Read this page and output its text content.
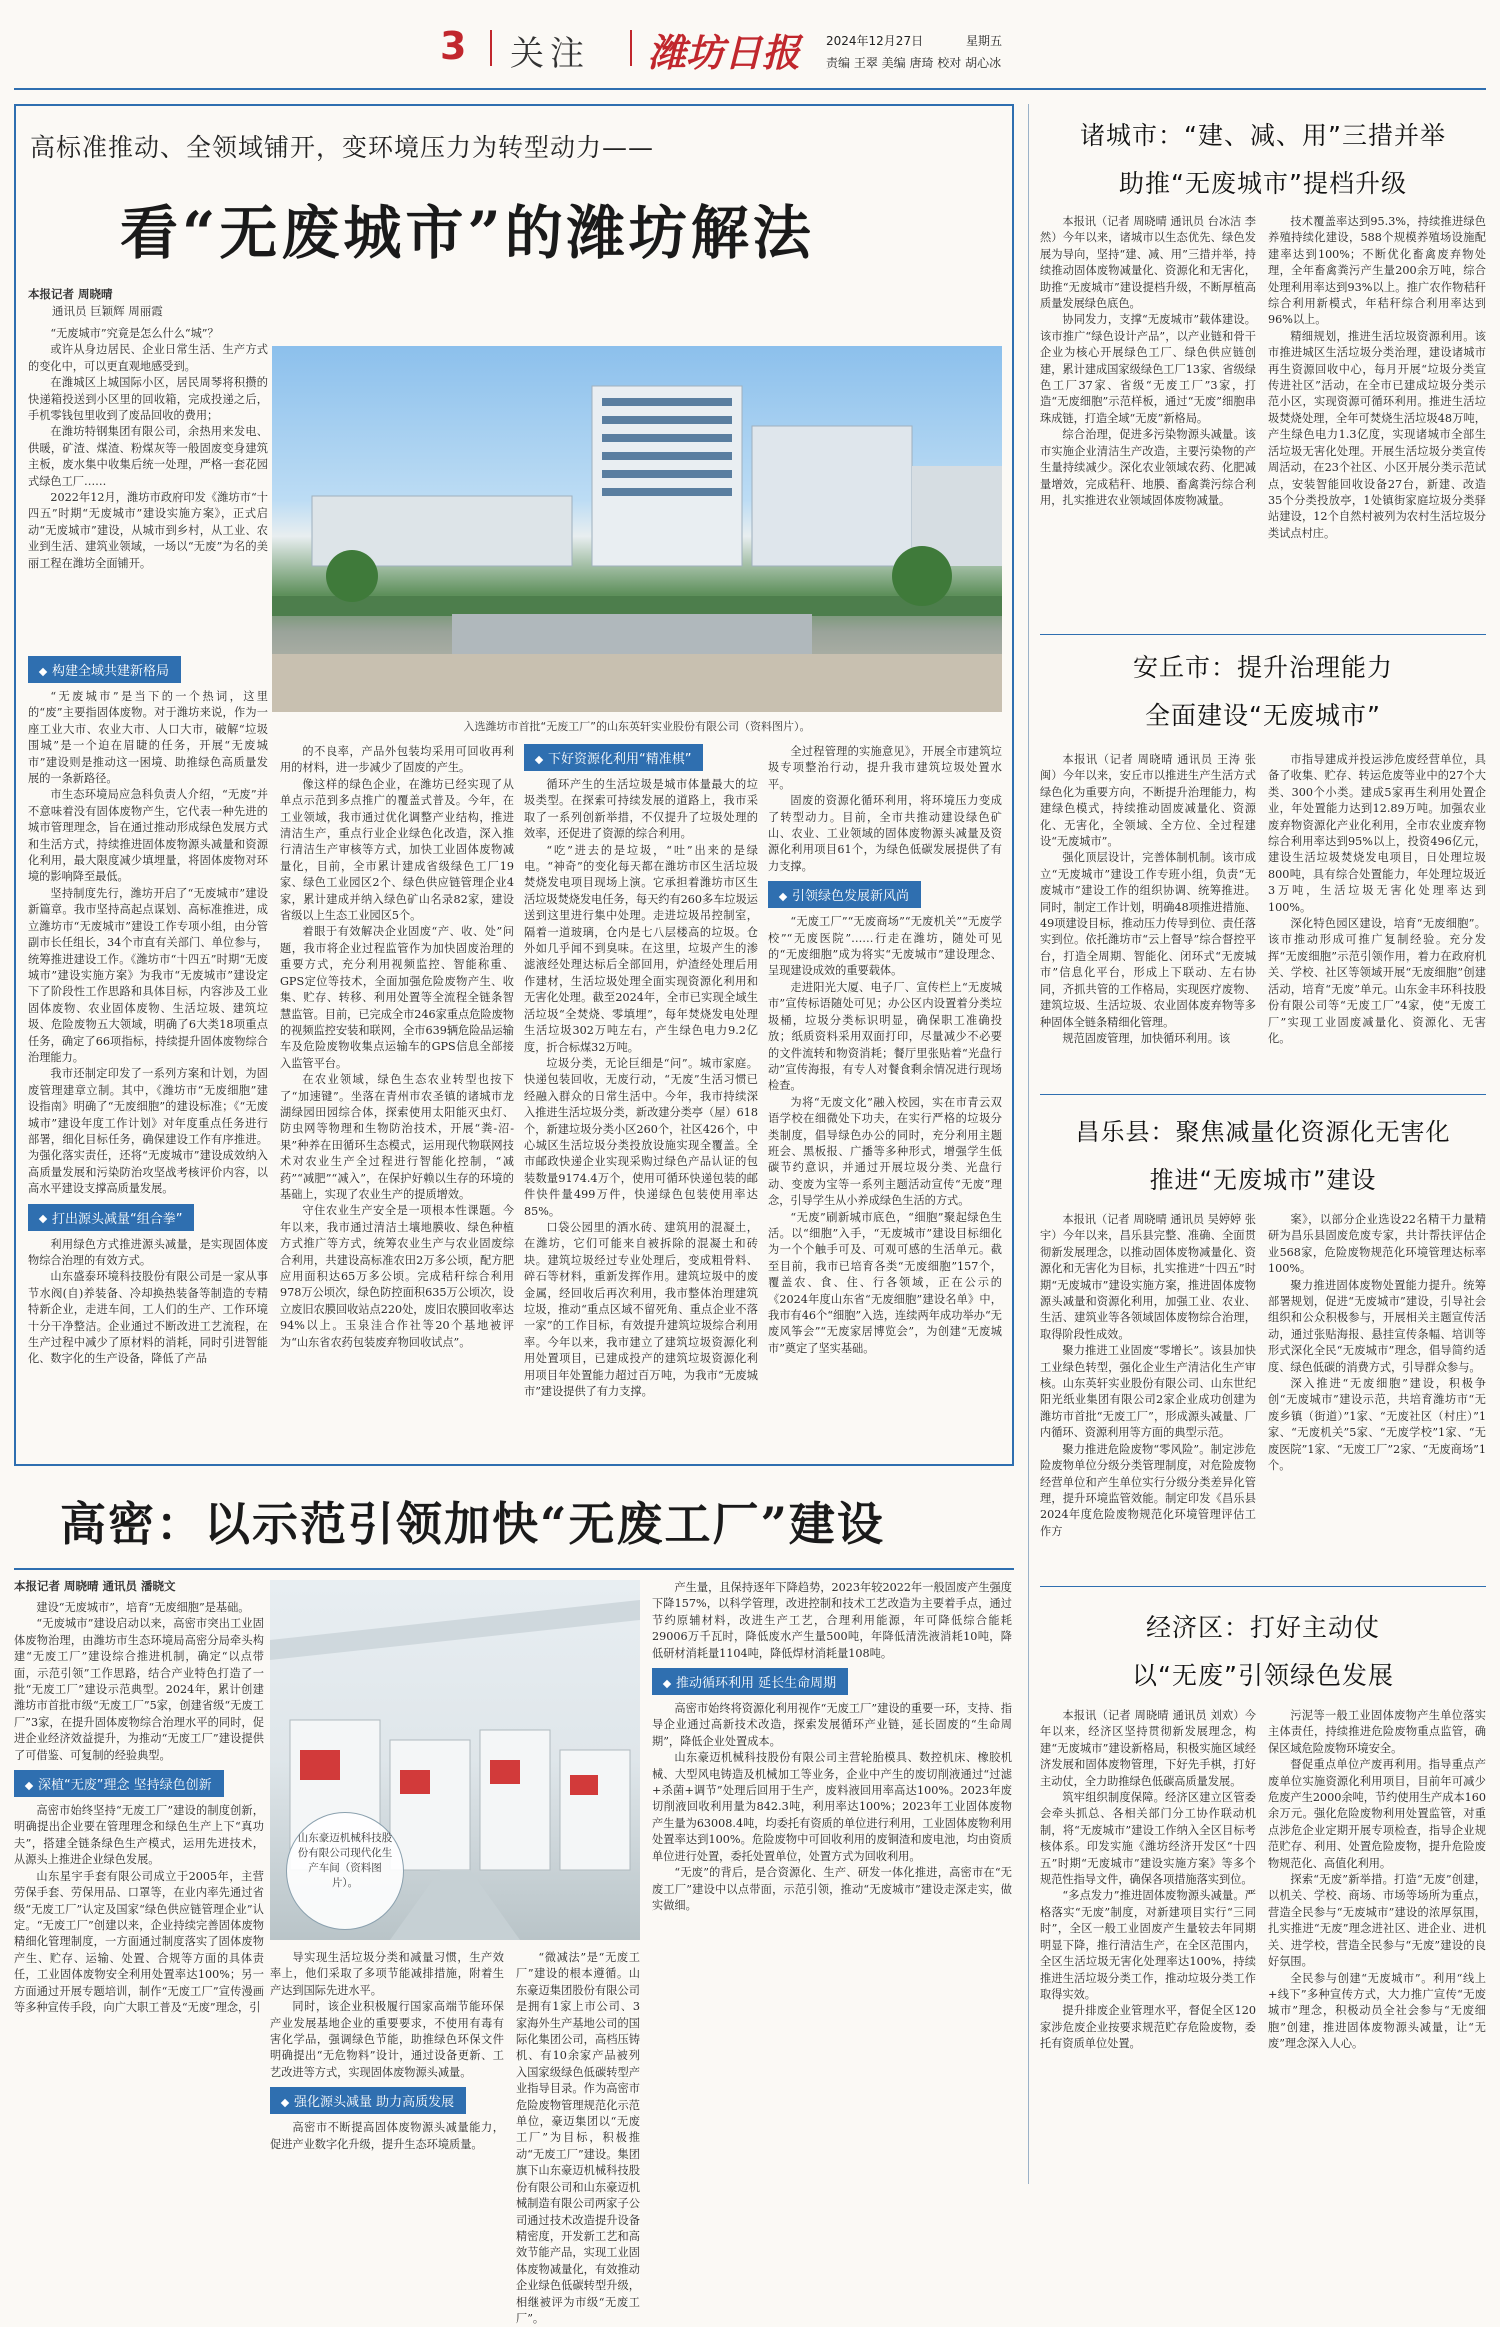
3 关注 潍坊日报 2024年12月27日	星期五
责编 王翠 美编 唐琦 校对 胡心冰
高标准推动、全领域铺开，变环境压力为转型动力——
看“无废城市”的潍坊解法
本报记者 周晓晴
通讯员 巨颖辉 周丽霞

“无废城市”究竟是怎么什么“城”？

或许从身边居民、企业日常生活、生产方式的变化中，可以更直观地感受到。

在潍城区上城国际小区，居民周琴将积攒的快递箱投送到小区里的回收箱，完成投递之后，手机零钱包里收到了废品回收的费用；

在潍坊特钢集团有限公司，余热用来发电、供暖，矿渣、煤渣、粉煤灰等一般固废变身建筑主板，废水集中收集后统一处理，严格一套花园式绿色工厂……

2022年12月，潍坊市政府印发《潍坊市“十四五”时期“无废城市”建设实施方案》，正式启动“无废城市”建设，从城市到乡村，从工业、农业到生活、建筑业领域，一场以“无废”为名的美丽工程在潍坊全面铺开。

入选潍坊市首批“无废工厂”的山东英轩实业股份有限公司（资料图片）。
构建全域共建新格局

“无废城市”是当下的一个热词，这里的“废”主要指固体废物。对于潍坊来说，作为一座工业大市、农业大市、人口大市，破解“垃圾围城”是一个迫在眉睫的任务，开展“无废城市”建设则是推动这一困境、助推绿色高质量发展的一条新路径。

市生态环境局应急科负责人介绍，“无废”并不意味着没有固体废物产生，它代表一种先进的城市管理理念，旨在通过推动形成绿色发展方式和生活方式，持续推进固体废物源头减量和资源化利用，最大限度减少填埋量，将固体废物对环境的影响降至最低。

坚持制度先行，潍坊开启了“无废城市”建设新篇章。我市坚持高起点谋划、高标准推进，成立潍坊市“无废城市”建设工作专项小组，由分管副市长任组长，34个市直有关部门、单位参与，统筹推进建设工作。《潍坊市“十四五”时期“无废城市”建设实施方案》为我市“无废城市”建设定下了阶段性工作思路和具体目标，内容涉及工业固体废物、农业固体废物、生活垃圾、建筑垃圾、危险废物五大领域，明确了6大类18项重点任务，确定了66项指标，持续提升固体废物综合治理能力。

我市还制定印发了一系列方案和计划，为固废管理建章立制。其中，《潍坊市“无废细胞”建设指南》明确了“无废细胞”的建设标准；《“无废城市”建设年度工作计划》对年度重点任务进行部署，细化目标任务，确保建设工作有序推进。为强化落实责任，还将“无废城市”建设成效纳入高质量发展和污染防治攻坚战考核评价内容，以高水平建设支撑高质量发展。

打出源头减量“组合拳”

利用绿色方式推进源头减量，是实现固体废物综合治理的有效方式。

山东盛泰环境科技股份有限公司是一家从事节水阀(自)养装备、冷却换热装备等制造的专精特新企业，走进车间，工人们的生产、工作环境十分干净整洁。企业通过不断改进工艺流程，在生产过程中减少了原材料的消耗，同时引进智能化、数字化的生产设备，降低了产品

的不良率，产品外包装均采用可回收再利用的材料，进一步减少了固废的产生。

像这样的绿色企业，在潍坊已经实现了从单点示范到多点推广的覆盖式普及。今年，在工业领域，我市通过优化调整产业结构，推进清洁生产，重点行业企业绿色化改造，深入推行清洁生产审核等方式，加快工业固体废物减量化，目前，全市累计建成省级绿色工厂19家、绿色工业园区2个、绿色供应链管理企业4家，累计建成并纳入绿色矿山名录82家，建设省级以上生态工业园区5个。

着眼于有效解决企业固废“产、收、处”问题，我市将企业过程监管作为加快固废治理的重要方式，充分利用视频监控、智能称重、GPS定位等技术，全面加强危险废物产生、收集、贮存、转移、利用处置等全流程全链条智慧监管。目前，已完成全市246家重点危险废物的视频监控安装和联网，全市639辆危险品运输车及危险废物收集点运输车的GPS信息全部接入监管平台。

在农业领域，绿色生态农业转型也按下了“加速键”。坐落在青州市农圣镇的诸城市龙湖绿园田园综合体，探索使用太阳能灭虫灯、防虫网等物理和生物防治技术，开展“粪-沼-果”种养在田循环生态模式，运用现代物联网技术对农业生产全过程进行智能化控制，“减药”“减肥”“减入”，在保护好赖以生存的环境的基础上，实现了农业生产的提质增效。

守住农业生产安全是一项根本性课题。今年以来，我市通过清洁土壤地膜收、绿色种植方式推广等方式，统筹农业生产与农业固废综合利用，共建设高标准农田2万多公顷，配方肥应用面积达65万多公顷。完成秸秆综合利用978万公顷次，绿色防控面积635万公顷次，设立废旧农膜回收站点220处，废旧农膜回收率达94%以上。玉泉洼合作社等20个基地被评为“山东省农药包装废弃物回收试点”。

下好资源化利用“精准棋”

循环产生的生活垃圾是城市体量最大的垃圾类型。在探索可持续发展的道路上，我市采取了一系列创新举措，不仅提升了垃圾处理的效率，还促进了资源的综合利用。

“吃”进去的是垃圾，“吐”出来的是绿电。“神奇”的变化每天都在潍坊市区生活垃圾焚烧发电项目现场上演。它承担着潍坊市区生活垃圾焚烧发电任务，每天约有260多车垃圾运送到这里进行集中处理。走进垃圾吊控制室，隔着一道玻璃，仓内是七八层楼高的垃圾。仓外如几乎闻不到臭味。在这里，垃圾产生的渗滤液经处理达标后全部回用，炉渣经处理后用作建材，生活垃圾处理全面实现资源化利用和无害化处理。截至2024年，全市已实现全域生活垃圾“全焚烧、零填埋”，每年焚烧发电处理生活垃圾302万吨左右，产生绿色电力9.2亿度，折合标煤32万吨。

垃圾分类，无论巨细是“问”。城市家庭。快递包装回收，无废行动，“无废”生活习惯已经融入群众的日常生活中。今年，我市持续深入推进生活垃圾分类，新改建分类亭（屋）618个，新建垃圾分类小区260个，社区426个，中心城区生活垃圾分类投放设施实现全覆盖。全市邮政快递企业实现采购过绿色产品认证的包装数量9174.4万个，使用可循环快递包装的邮件快件量499万件，快递绿色包装使用率达85%。

口袋公园里的酒水砖、建筑用的混凝土，在潍坊，它们可能来自被拆除的混凝土和砖块。建筑垃圾经过专业处理后，变成粗骨料、碎石等材料，重新发挥作用。建筑垃圾中的废金属，经回收后再次利用，我市整体治理建筑垃圾，推动“重点区域不留死角、重点企业不落一家”的工作目标，有效提升建筑垃圾综合利用率。今年以来，我市建立了建筑垃圾资源化利用处置项目，已建成投产的建筑垃圾资源化利用项目年处置能力超过百万吨，为我市“无废城市”建设提供了有力支撑。

全过程管理的实施意见》，开展全市建筑垃圾专项整治行动，提升我市建筑垃圾处置水平。

固废的资源化循环利用，将环境压力变成了转型动力。目前，全市共推动建设绿色矿山、农业、工业领域的固体废物源头减量及资源化利用项目61个，为绿色低碳发展提供了有力支撑。

引领绿色发展新风尚

“无废工厂”“无废商场”“无废机关”“无废学校”“无废医院”……行走在潍坊，随处可见的“无废细胞”成为将实“无废城市”建设理念、呈现建设成效的重要载体。

走进阳光大厦、电子厂、宣传栏上“无废城市”宣传标语随处可见；办公区内设置着分类垃圾桶，垃圾分类标识明显，确保职工准确投放；纸质资料采用双面打印，尽量减少不必要的文件流转和物资消耗；餐厅里张贴着“光盘行动”宣传海报，有专人对餐食剩余情况进行现场检查。

为将“无废文化”融入校园，实在市青云双语学校在细微处下功夫，在实行严格的垃圾分类制度，倡导绿色办公的同时，充分利用主题班会、黑板报、广播等多种形式，增强学生低碳节约意识，并通过开展垃圾分类、光盘行动、变废为宝等一系列主题活动宣传“无废”理念，引导学生从小养成绿色生活的方式。

“无废”刷新城市底色，“细胞”聚起绿色生活。以“细胞”入手，“无废城市”建设目标细化为一个个触手可及、可观可感的生活单元。截至目前，我市已培育各类“无废细胞”157个，覆盖农、食、住、行各领域，正在公示的《2024年度山东省“无废细胞”建设名单》中，我市有46个“细胞”入选，连续两年成功举办“无废风筝会”“无废家居博览会”，为创建“无废城市”奠定了坚实基础。

高密：以示范引领加快“无废工厂”建设
本报记者 周晓晴 通讯员 潘晓文

建设“无废城市”，培育“无废细胞”是基础。

“无废城市”建设启动以来，高密市突出工业固体废物治理，由潍坊市生态环境局高密分局牵头构建“无废工厂”建设综合推进机制，确定“以点带面，示范引领”工作思路，结合产业特色打造了一批“无废工厂”建设示范典型。2024年，累计创建潍坊市首批市级“无废工厂”5家，创建省级“无废工厂”3家，在提升固体废物综合治理水平的同时，促进企业经济效益提升，为推动“无废工厂”建设提供了可借鉴、可复制的经验典型。

深植“无废”理念 坚持绿色创新

高密市始终坚持“无废工厂”建设的制度创新，明确提出企业要在管理理念和绿色生产上下“真功夫”，搭建全链条绿色生产模式，运用先进技术，从源头上推进企业绿色发展。

山东星宇手套有限公司成立于2005年，主营劳保手套、劳保用品、口罩等，在业内率先通过省级“无废工厂”认定及国家“绿色供应链管理企业”认定。“无废工厂”创建以来，企业持续完善固体废物精细化管理制度，一方面通过制度落实了固体废物产生、贮存、运输、处置、合规等方面的具体责任，工业固体废物安全利用处置率达100%；另一方面通过开展专题培训，制作“无废工厂”宣传漫画等多种宣传手段，向广大职工普及“无废”理念，引

山东豪迈机械科技股份有限公司现代化生产车间（资料图片）。

导实现生活垃圾分类和减量习惯，生产效率上，他们采取了多项节能减排措施，附着生产达到国际先进水平。

同时，该企业积极履行国家高端节能环保产业发展基地企业的重要要求，不使用有毒有害化学品，强调绿色节能，助推绿色环保文件明确提出“无危物料”设计，通过设备更新、工艺改进等方式，实现固体废物源头减量。

强化源头减量 助力高质发展

高密市不断提高固体废物源头减量能力，促进产业数字化升级，提升生态环境质量。

“微减法”是“无废工厂”建设的根本遵循。山东豪迈集团股份有限公司是拥有1家上市公司、3家海外生产基地公司的国际化集团公司，高档压铸机、有10余家产品被列入国家级绿色低碳转型产业指导目录。作为高密市危险废物管理规范化示范单位，豪迈集团以“无废工厂”为目标，积极推动“无废工厂”建设。集团旗下山东豪迈机械科技股份有限公司和山东豪迈机械制造有限公司两家子公司通过技术改造提升设备精密度，开发新工艺和高效节能产品，实现工业固体废物减量化，有效推动企业绿色低碳转型升级，相继被评为市级“无废工厂”。

产生量，且保持逐年下降趋势，2023年较2022年一般固废产生强度下降157%，以科学管理，改进控制和技术工艺改造为主要着手点，通过节约原辅材料，改进生产工艺，合理利用能源，年可降低综合能耗29006万千瓦时，降低废水产生量500吨，年降低清洗液消耗10吨，降低研材消耗量1104吨，降低焊材消耗量108吨。

推动循环利用 延长生命周期

高密市始终将资源化利用视作“无废工厂”建设的重要一环，支持、指导企业通过高新技术改造，探索发展循环产业链，延长固废的“生命周期”，降低企业处置成本。

山东豪迈机械科技股份有限公司主营轮胎模具、数控机床、橡胶机械、大型风电铸造及机械加工等业务，企业中产生的废切削液通过“过滤+杀菌+调节”处理后回用于生产，废料液回用率高达100%。2023年废切削液回收利用量为842.3吨，利用率达100%；2023年工业固体废物产生量为63008.4吨，均委托有资质的单位进行利用，工业固体废物利用处置率达到100%。危险废物中可回收利用的废铜渣和废电池，均由资质单位进行处置，委托处置单位，处置方式为回收利用。

“无废”的背后，是合资源化、生产、研发一体化推进，高密市在“无废工厂”建设中以点带面，示范引领，推动“无废城市”建设走深走实，做实做细。

诸城市：“建、减、用”三措并举
助推“无废城市”提档升级

本报讯（记者 周晓晴 通讯员 台冰洁 李然）今年以来，诸城市以生态优先、绿色发展为导向，坚持“建、减、用”三措并举，持续推动固体废物减量化、资源化和无害化，助推“无废城市”建设提档升级，不断厚植高质量发展绿色底色。

协同发力，支撑“无废城市”载体建设。该市推广“绿色设计产品”，以产业链和骨干企业为核心开展绿色工厂、绿色供应链创建，累计建成国家级绿色工厂13家、省级绿色工厂37家、省级“无废工厂”3家，打造“无废细胞”示范样板，通过“无废”细胞串珠成链，打造全域“无废”新格局。

综合治理，促进多污染物源头减量。该市实施企业清洁生产改造，主要污染物的产生量持续减少。深化农业领域农药、化肥减量增效，完成秸秆、地膜、畜禽粪污综合利用，扎实推进农业领域固体废物减量。

技术覆盖率达到95.3%，持续推进绿色养殖持续化建设，588个规模养殖场设施配建率达到100%；不断优化畜禽废弃物处理，全年畜禽粪污产生量200余万吨，综合处理利用率达到93%以上。推广农作物秸秆综合利用新模式，年秸秆综合利用率达到96%以上。

精细规划，推进生活垃圾资源利用。该市推进城区生活垃圾分类治理，建设诸城市再生资源回收中心，每月开展“垃圾分类宣传进社区”活动，在全市已建成垃圾分类示范小区，实现资源可循环利用。推进生活垃圾焚烧处理，全年可焚烧生活垃圾48万吨，产生绿色电力1.3亿度，实现诸城市全部生活垃圾无害化处理。开展生活垃圾分类宣传周活动，在23个社区、小区开展分类示范试点，安装智能回收设备27台，新建、改造35个分类投放亭，1处镇街家庭垃圾分类驿站建设，12个自然村被列为农村生活垃圾分类试点村庄。

安丘市：提升治理能力
全面建设“无废城市”

本报讯（记者 周晓晴 通讯员 王涛 张闽）今年以来，安丘市以推进生产生活方式绿色化为重要方向，不断提升治理能力，构建绿色模式，持续推动固废减量化、资源化、无害化，全领域、全方位、全过程建设“无废城市”。

强化顶层设计，完善体制机制。该市成立“无废城市”建设工作专班小组，负责“无废城市”建设工作的组织协调、统筹推进。同时，制定工作计划，明确48项推进措施、49项建设目标，推动压力传导到位、责任落实到位。依托潍坊市“云上督导”综合督控平台，打造全周期、智能化、闭环式“无废城市”信息化平台，形成上下联动、左右协同，齐抓共管的工作格局，实现医疗废物、建筑垃圾、生活垃圾、农业固体废弃物等多种固体全链条精细化管理。

规范固废管理，加快循环利用。该

市指导建成并投运涉危废经营单位，具备了收集、贮存、转运危废等业中的27个大类、300个小类。建成5家再生利用处置企业，年处置能力达到12.89万吨。加强农业废弃物资源化产业化利用，全市农业废弃物综合利用率达到95%以上，投资496亿元，建设生活垃圾焚烧发电项目，日处理垃圾800吨，具有综合处置能力，年处理垃圾近3万吨，生活垃圾无害化处理率达到100%。

深化特色园区建设，培育“无废细胞”。该市推动形成可推广复制经验。充分发挥“无废细胞”示范引领作用，着力在政府机关、学校、社区等领域开展“无废细胞”创建活动，培育“无废”单元。山东金丰环科技股份有限公司等“无废工厂”4家，使“无废工厂”实现工业固废减量化、资源化、无害化。

昌乐县：聚焦减量化资源化无害化
推进“无废城市”建设

本报讯（记者 周晓晴 通讯员 吴婷婷 张宇）今年以来，昌乐县完整、准确、全面贯彻新发展理念，以推动固体废物减量化、资源化和无害化为目标，扎实推进“十四五”时期“无废城市”建设实施方案，推进固体废物源头减量和资源化利用，加强工业、农业、生活、建筑业等各领域固体废物综合治理，取得阶段性成效。

聚力推进工业固废“零增长”。该县加快工业绿色转型，强化企业生产清洁化生产审核。山东英轩实业股份有限公司、山东世纪阳光纸业集团有限公司2家企业成功创建为潍坊市首批“无废工厂”，形成源头减量、厂内循环、资源利用等方面的典型示范。

聚力推进危险废物“零风险”。制定涉危险废物单位分级分类管理制度，对危险废物经营单位和产生单位实行分级分类差异化管理，提升环境监管效能。制定印发《昌乐县2024年度危险废物规范化环境管理评估工作方

案》，以部分企业选设22名精干力量精研为昌乐县固废危废专家，共计帮扶评估企业568家，危险废物规范化环境管理达标率100%。

聚力推进固体废物处置能力提升。统筹部署规划，促进“无废城市”建设，引导社会组织和公众积极参与，开展相关主题宣传活动，通过张贴海报、悬挂宣传条幅、培训等形式深化全民“无废城市”理念，倡导简约适度、绿色低碳的消费方式，引导群众参与。

深入推进“无废细胞”建设，积极争创“无废城市”建设示范，共培育潍坊市“无废乡镇（街道）”1家、“无废社区（村庄）”1家、“无废机关”5家、“无废学校”1家、“无废医院”1家、“无废工厂”2家、“无废商场”1个。

经济区：打好主动仗
以“无废”引领绿色发展

本报讯（记者 周晓晴 通讯员 刘欢）今年以来，经济区坚持贯彻新发展理念，构建“无废城市”建设新格局，积极实施区域经济发展和固体废物管理，下好先手棋，打好主动仗，全力助推绿色低碳高质量发展。

筑牢组织制度保障。经济区建立区管委会牵头抓总、各相关部门分工协作联动机制，将“无废城市”建设工作纳入全区目标考核体系。印发实施《潍坊经济开发区“十四五”时期“无废城市”建设实施方案》等多个规范性指导文件，确保各项措施落实到位。

“多点发力”推进固体废物源头减量。严格落实“无废”制度，对新建项目实行“三同时”，全区一般工业固废产生量较去年同期明显下降，推行清洁生产，在全区范围内，全区生活垃圾无害化处理率达100%，持续推进生活垃圾分类工作，推动垃圾分类工作取得实效。

提升排废企业管理水平，督促全区120家涉危废企业按要求规范贮存危险废物，委托有资质单位处置。

污泥等一般工业固体废物产生单位落实主体责任，持续推进危险废物重点监管，确保区域危险废物环境安全。

督促重点单位产废再利用。指导重点产废单位实施资源化利用项目，目前年可减少危废产生2000余吨，节约使用生产成本160余万元。强化危险废物利用处置监管，对重点涉危企业定期开展专项检查，指导企业规范贮存、利用、处置危险废物，提升危险废物规范化、高值化利用。

探索“无废”新举措。打造“无废”创建，以机关、学校、商场、市场等场所为重点，营造全民参与“无废城市”建设的浓厚氛围，扎实推进“无废”理念进社区、进企业、进机关、进学校，营造全民参与“无废”建设的良好氛围。

全民参与创建“无废城市”。利用“线上+线下”多种宣传方式，大力推广宣传“无废城市”理念，积极动员全社会参与“无废细胞”创建，推进固体废物源头减量，让“无废”理念深入人心。
